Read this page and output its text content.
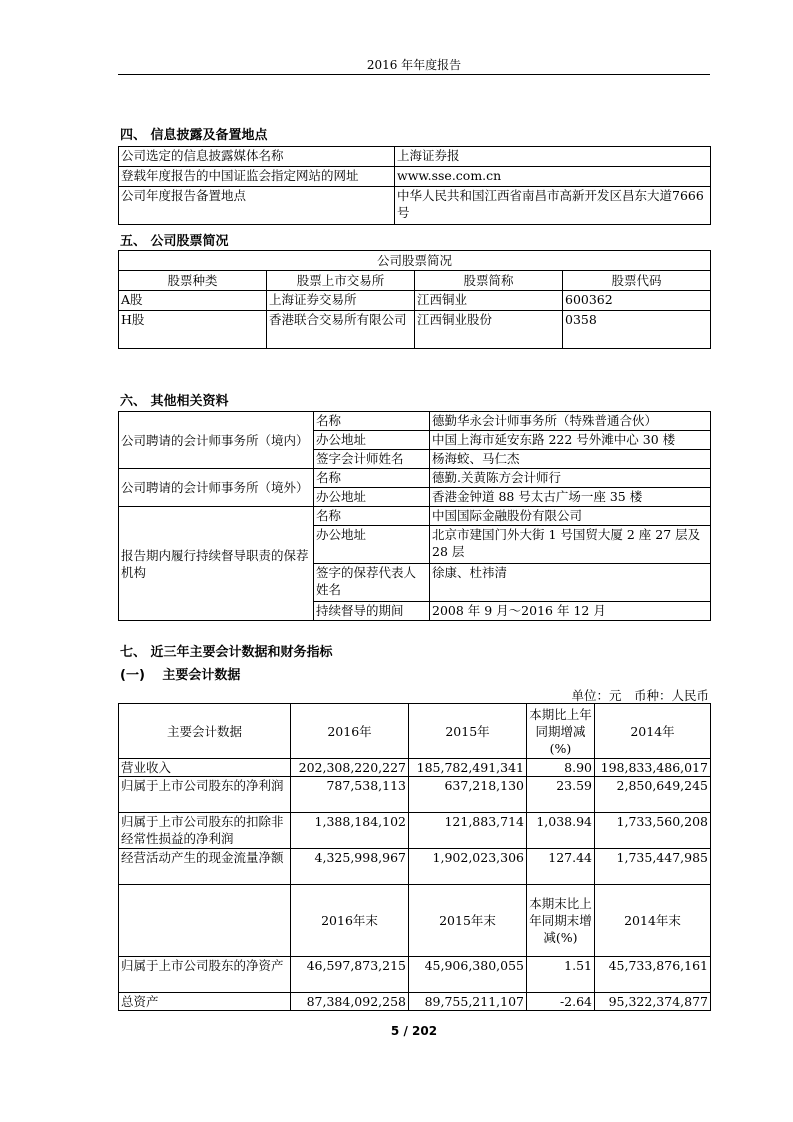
2016 年年度报告
四、 信息披露及备置地点
公司选定的信息披露媒体名称	上海证券报
登载年度报告的中国证监会指定网站的网址	www.sse.com.cn
公司年度报告备置地点	中华人民共和国江西省南昌市高新开发区昌东大道7666号
五、 公司股票简况
公司股票简况			
股票种类	股票上市交易所	股票简称	股票代码
A股	上海证券交易所	江西铜业	600362
H股	香港联合交易所有限公司	江西铜业股份	0358
六、 其他相关资料
公司聘请的会计师事务所（境内）	名称	德勤华永会计师事务所（特殊普通合伙）
	办公地址	中国上海市延安东路 222 号外滩中心 30 楼
	签字会计师姓名	杨海蛟、马仁杰
公司聘请的会计师事务所（境外）	名称	德勤.关黄陈方会计师行
	办公地址	香港金钟道 88 号太古广场一座 35 楼
报告期内履行持续督导职责的保荐机构	名称	中国国际金融股份有限公司
	办公地址	北京市建国门外大街 1 号国贸大厦 2 座 27 层及 28 层
	签字的保荐代表人姓名	徐康、杜祎清
	持续督导的期间	2008 年 9 月～2016 年 12 月
七、 近三年主要会计数据和财务指标
(一)　 主要会计数据
单位：元　币种：人民币
主要会计数据	2016年	2015年	本期比上年同期增减(%)	2014年
营业收入	202,308,220,227	185,782,491,341	8.90	198,833,486,017
归属于上市公司股东的净利润	787,538,113	637,218,130	23.59	2,850,649,245
归属于上市公司股东的扣除非经常性损益的净利润	1,388,184,102	121,883,714	1,038.94	1,733,560,208
经营活动产生的现金流量净额	4,325,998,967	1,902,023,306	127.44	1,735,447,985
	2016年末	2015年末	本期末比上年同期末增减(%)	2014年末
归属于上市公司股东的净资产	46,597,873,215	45,906,380,055	1.51	45,733,876,161
总资产	87,384,092,258	89,755,211,107	-2.64	95,322,374,877
5 / 202
